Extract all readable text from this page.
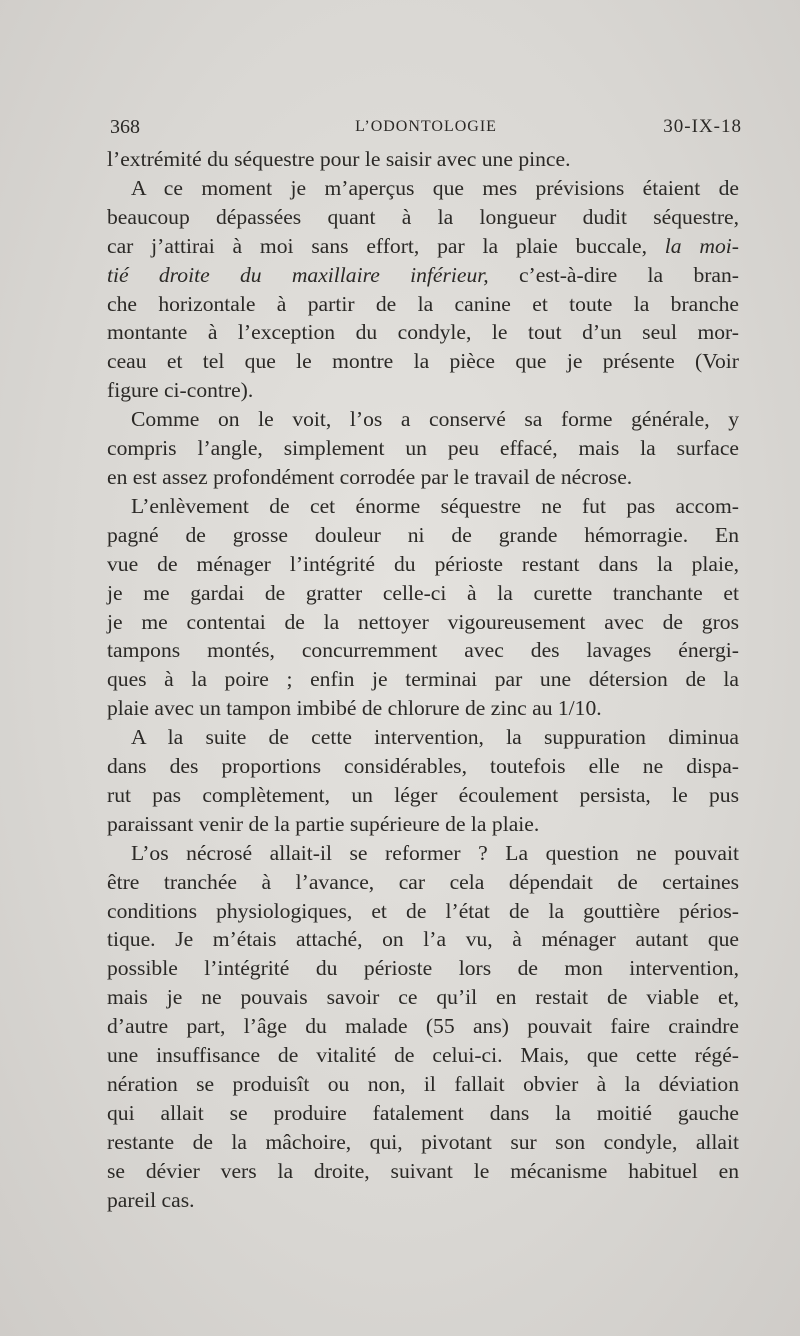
368	L’ODONTOLOGIE	30-IX-18
l’extrémité du séquestre pour le saisir avec une pince.
A ce moment je m’aperçus que mes prévisions étaient de
beaucoup dépassées quant à la longueur dudit séquestre,
car j’attirai à moi sans effort, par la plaie buccale, la moi-
tié droite du maxillaire inférieur, c’est-à-dire la bran-
che horizontale à partir de la canine et toute la branche
montante à l’exception du condyle, le tout d’un seul mor-
ceau et tel que le montre la pièce que je présente (Voir
figure ci-contre).
Comme on le voit, l’os a conservé sa forme générale, y
compris l’angle, simplement un peu effacé, mais la surface
en est assez profondément corrodée par le travail de nécrose.
L’enlèvement de cet énorme séquestre ne fut pas accom-
pagné de grosse douleur ni de grande hémorragie. En
vue de ménager l’intégrité du périoste restant dans la plaie,
je me gardai de gratter celle-ci à la curette tranchante et
je me contentai de la nettoyer vigoureusement avec de gros
tampons montés, concurremment avec des lavages énergi-
ques à la poire ; enfin je terminai par une détersion de la
plaie avec un tampon imbibé de chlorure de zinc au 1/10.
A la suite de cette intervention, la suppuration diminua
dans des proportions considérables, toutefois elle ne dispa-
rut pas complètement, un léger écoulement persista, le pus
paraissant venir de la partie supérieure de la plaie.
L’os nécrosé allait-il se reformer ? La question ne pouvait
être tranchée à l’avance, car cela dépendait de certaines
conditions physiologiques, et de l’état de la gouttière périos-
tique. Je m’étais attaché, on l’a vu, à ménager autant que
possible l’intégrité du périoste lors de mon intervention,
mais je ne pouvais savoir ce qu’il en restait de viable et,
d’autre part, l’âge du malade (55 ans) pouvait faire craindre
une insuffisance de vitalité de celui-ci. Mais, que cette régé-
nération se produisît ou non, il fallait obvier à la déviation
qui allait se produire fatalement dans la moitié gauche
restante de la mâchoire, qui, pivotant sur son condyle, allait
se dévier vers la droite, suivant le mécanisme habituel en
pareil cas.
